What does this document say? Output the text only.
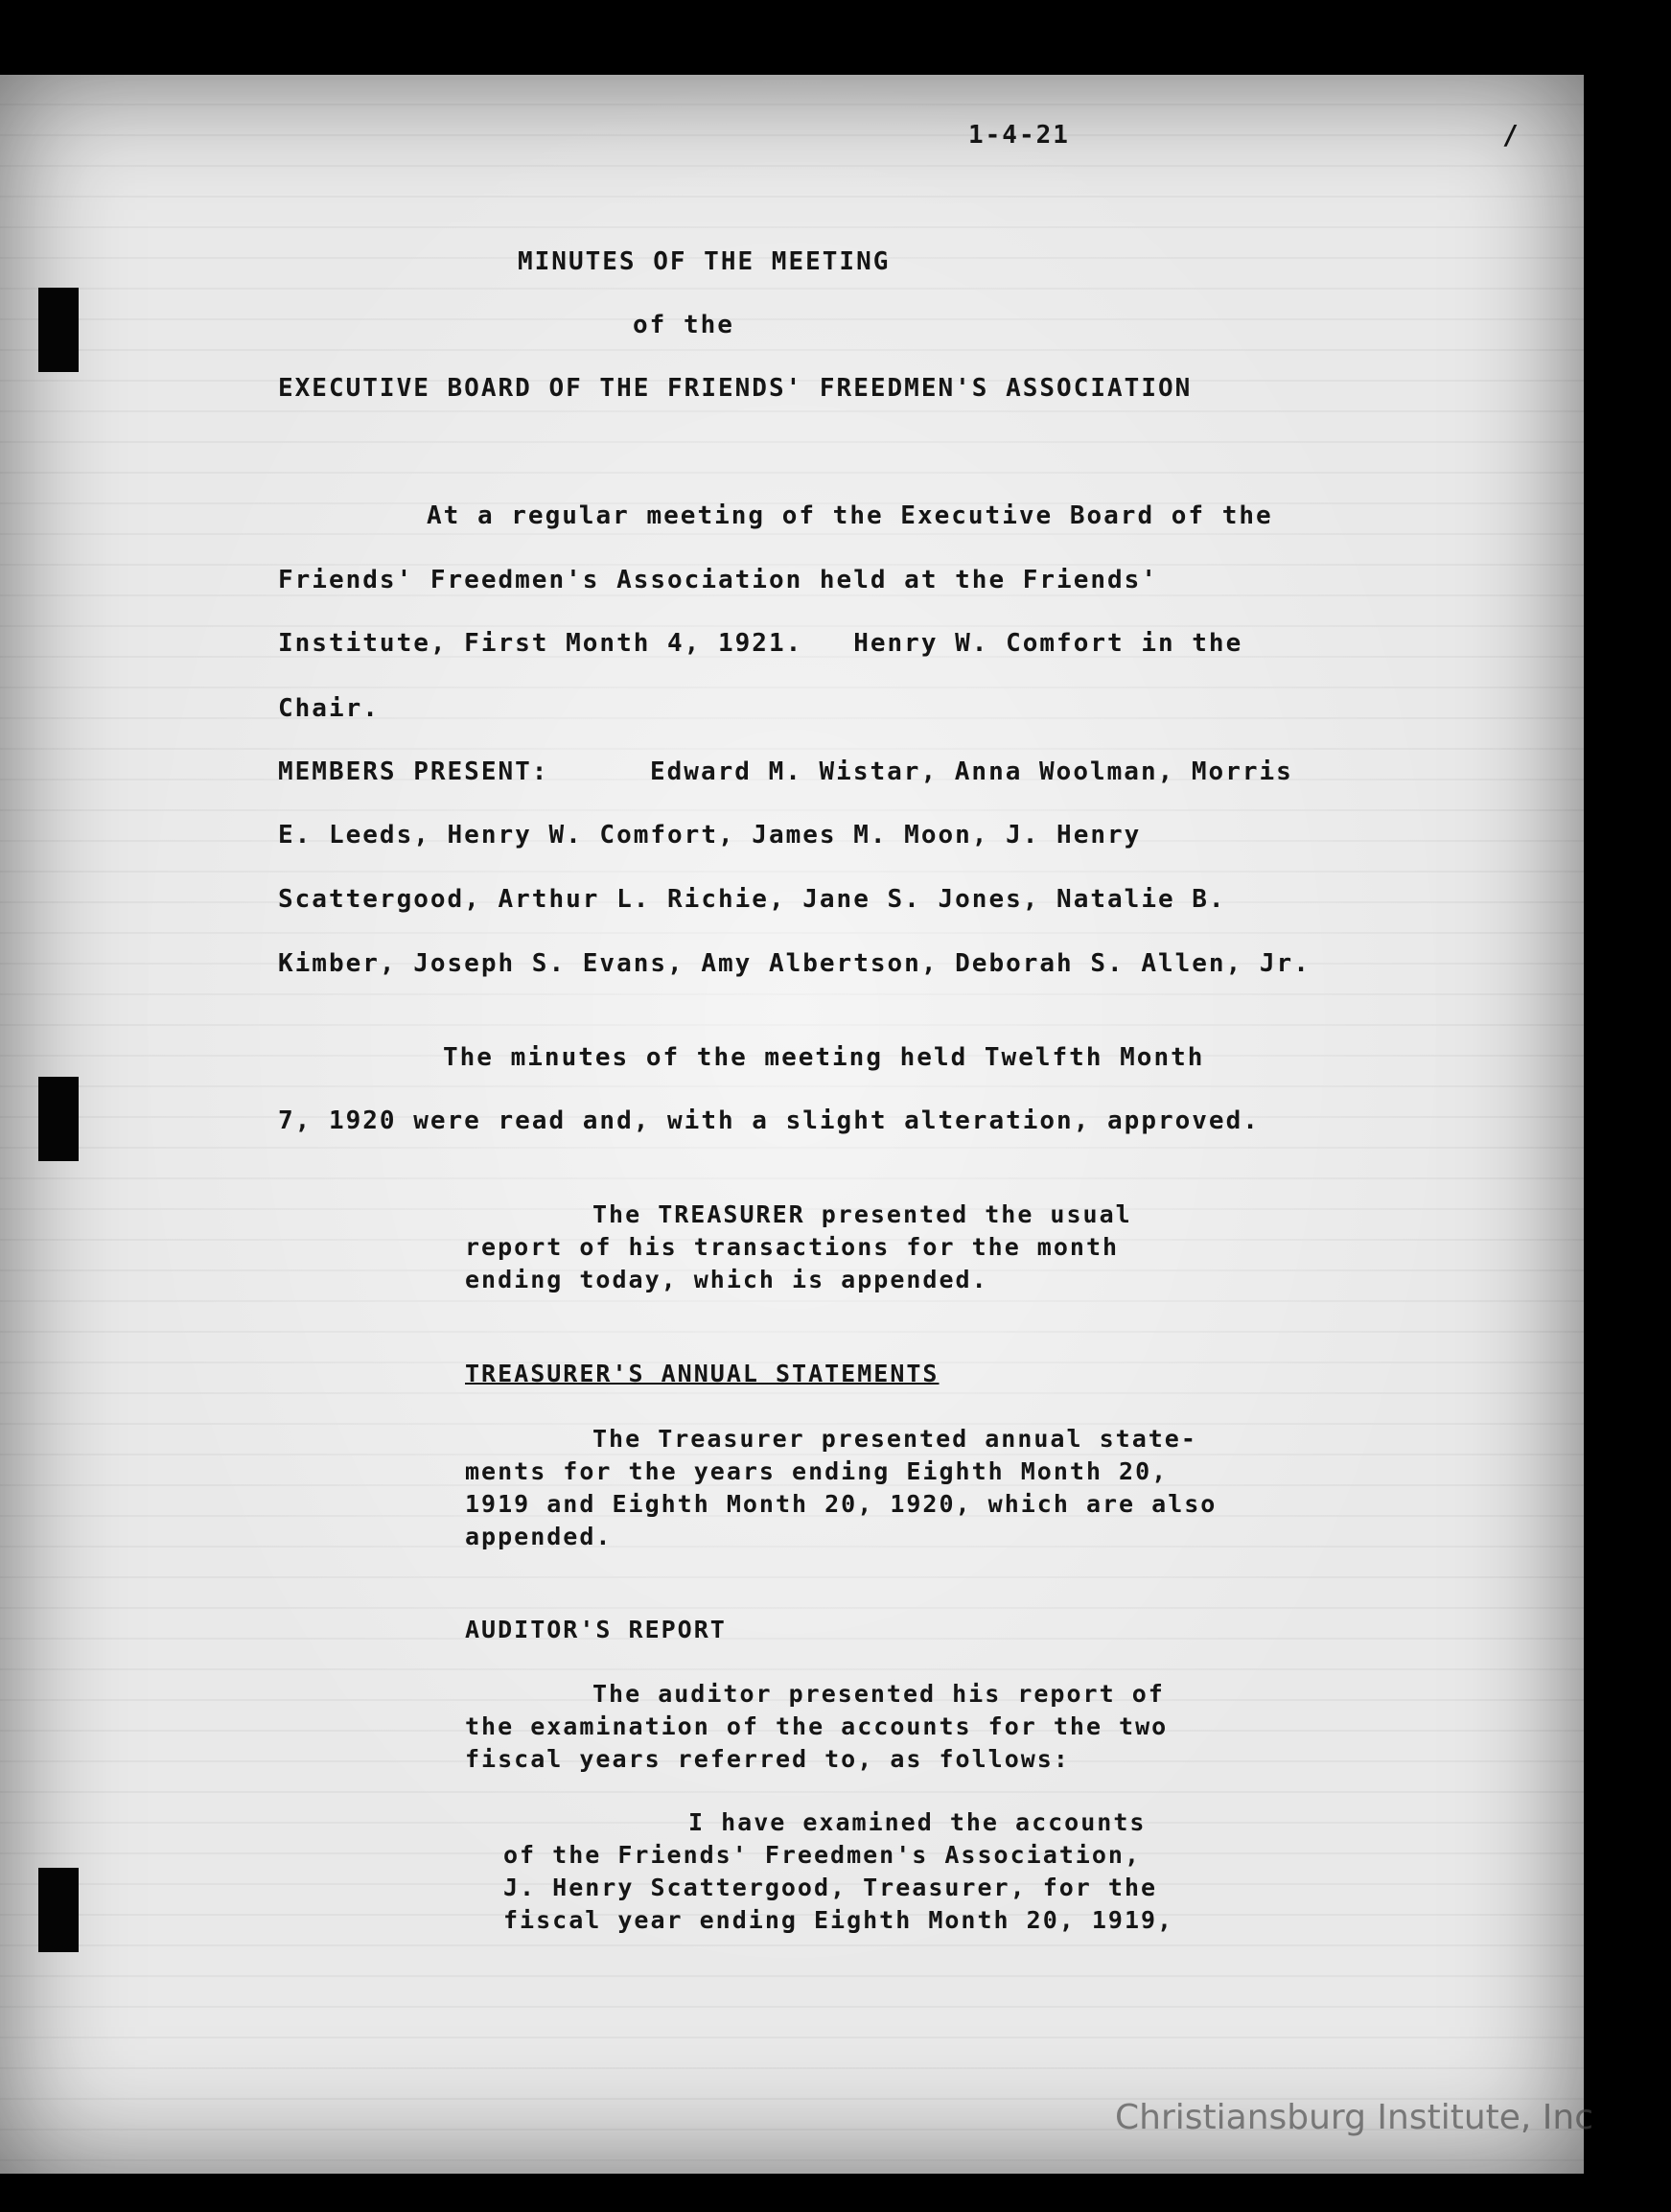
1-4-21	/

MINUTES OF THE MEETING

of the

EXECUTIVE BOARD OF THE FRIENDS' FREEDMEN'S ASSOCIATION

At a regular meeting of the Executive Board of the

Friends' Freedmen's Association held at the Friends'

Institute, First Month 4, 1921.   Henry W. Comfort in the

Chair.

MEMBERS PRESENT:	Edward M. Wistar, Anna Woolman, Morris

E. Leeds, Henry W. Comfort, James M. Moon, J. Henry

Scattergood, Arthur L. Richie, Jane S. Jones, Natalie B.

Kimber, Joseph S. Evans, Amy Albertson, Deborah S. Allen, Jr.

The minutes of the meeting held Twelfth Month

7, 1920 were read and, with a slight alteration, approved.

The TREASURER presented the usual

report of his transactions for the month

ending today, which is appended.

TREASURER'S ANNUAL STATEMENTS

The Treasurer presented annual state-

ments for the years ending Eighth Month 20,

1919 and Eighth Month 20, 1920, which are also

appended.

AUDITOR'S REPORT

The auditor presented his report of

the examination of the accounts for the two

fiscal years referred to, as follows:

I have examined the accounts

of the Friends' Freedmen's Association,

J. Henry Scattergood, Treasurer, for the

fiscal year ending Eighth Month 20, 1919,

Christiansburg Institute, Inc
